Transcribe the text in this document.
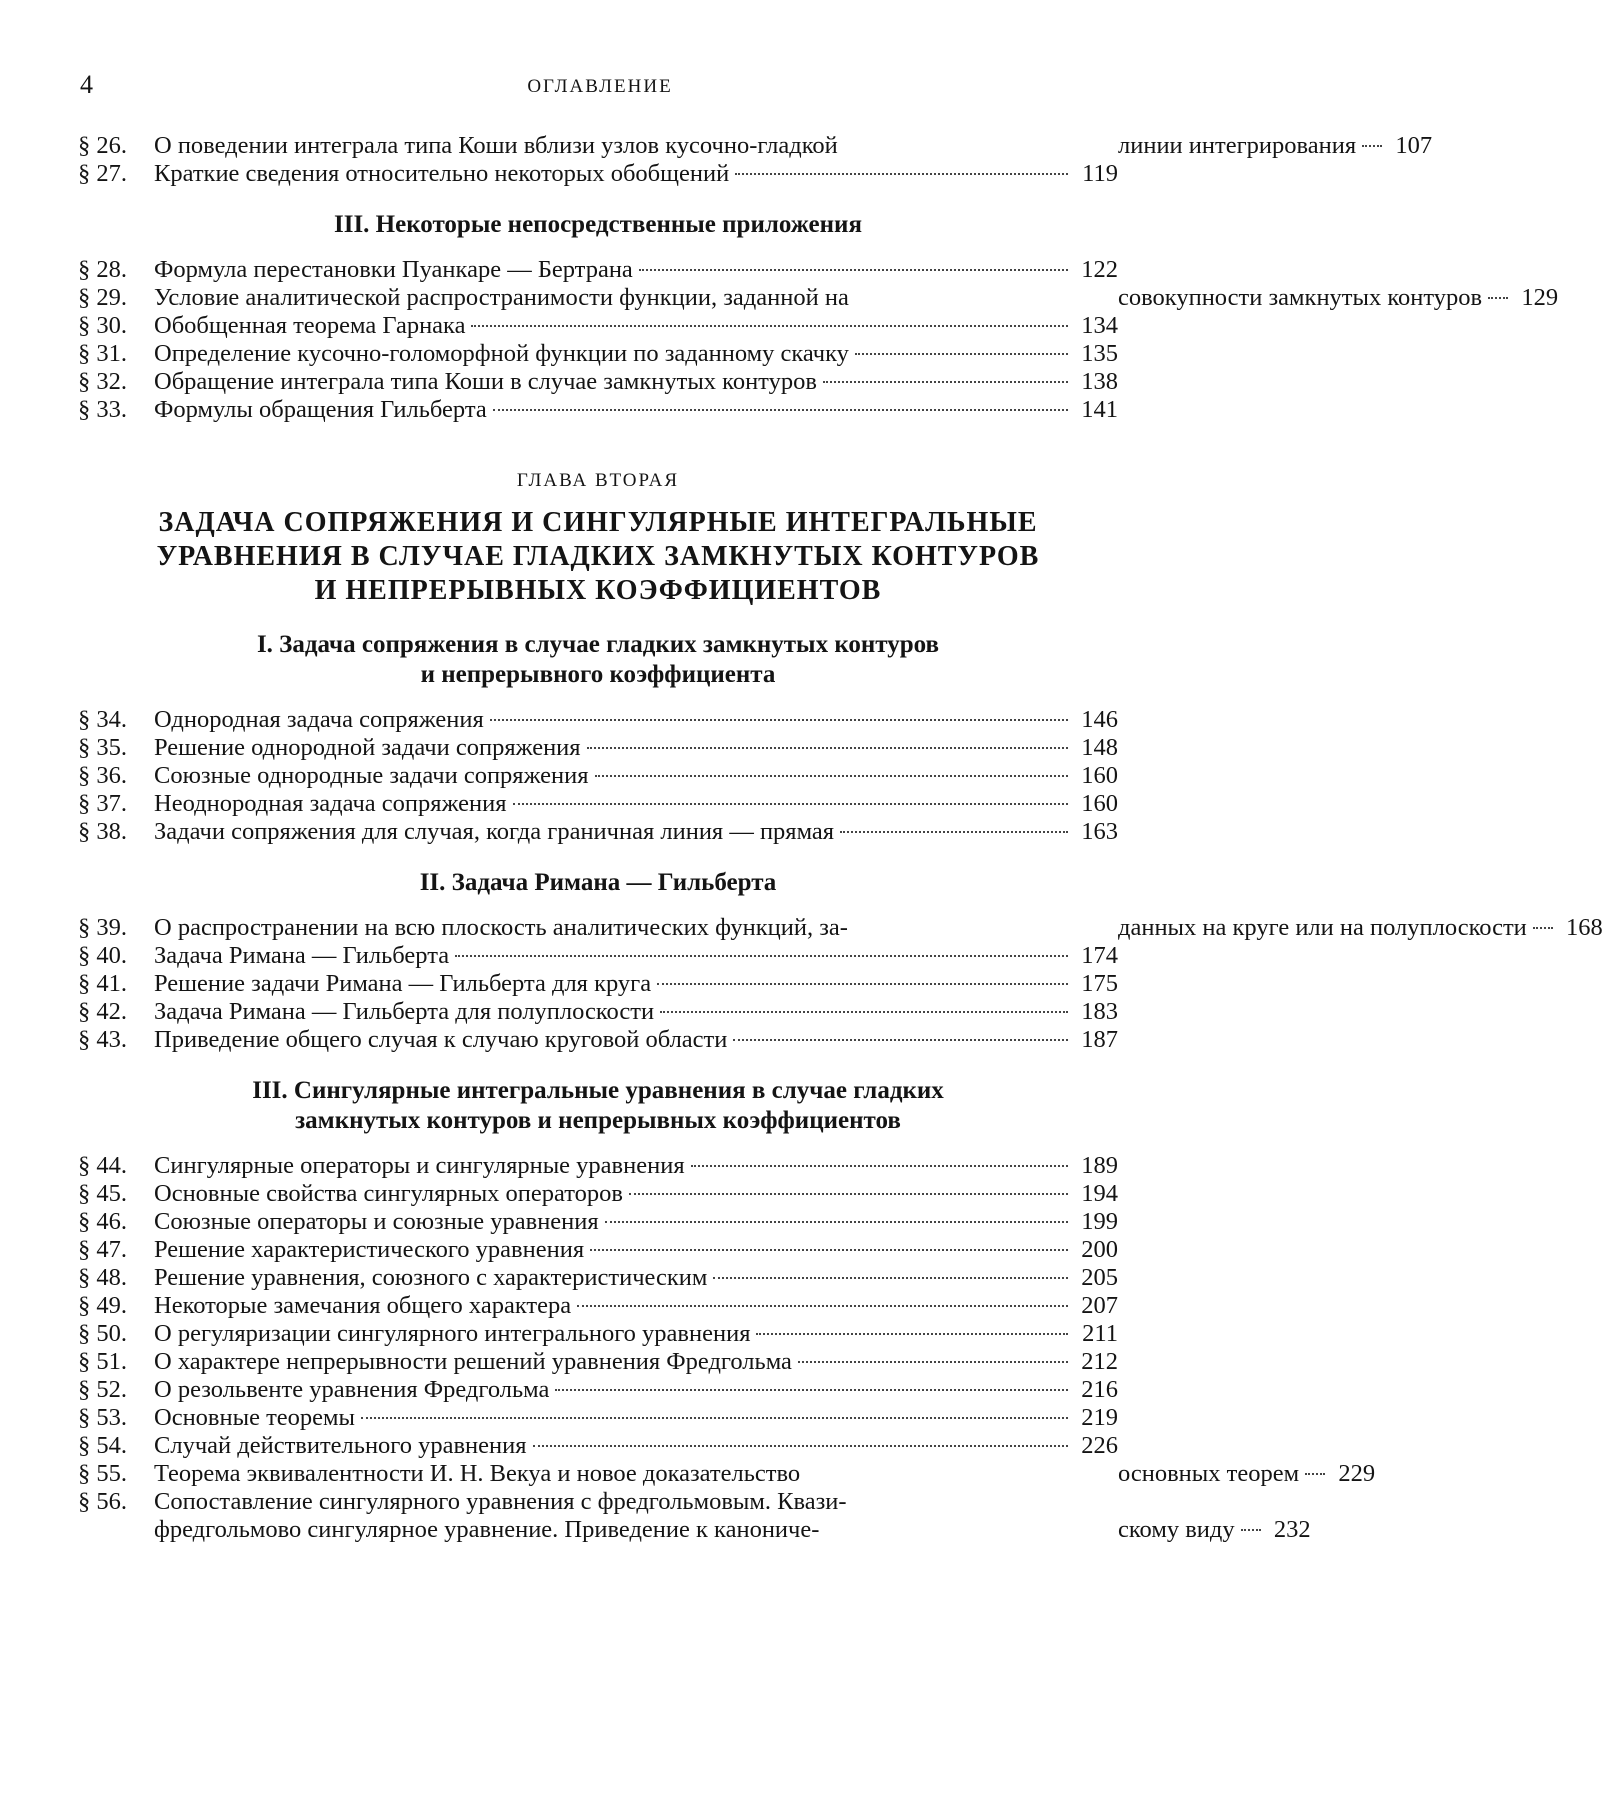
4	ОГЛАВЛЕНИЕ
§ 26.	О поведении интеграла типа Коши вблизи узлов кусочно-гладкой	линии интегрирования 107
§ 27.	Краткие сведения относительно некоторых обобщений	119
III. Некоторые непосредственные приложения
§ 28.	Формула перестановки Пуанкаре — Бертрана	122
§ 29.	Условие аналитической распространимости функции, заданной на	совокупности замкнутых контуров 129
§ 30.	Обобщенная теорема Гарнака	134
§ 31.	Определение кусочно-голоморфной функции по заданному скачку	135
§ 32.	Обращение интеграла типа Коши в случае замкнутых контуров	138
§ 33.	Формулы обращения Гильберта	141
ГЛАВА ВТОРАЯ
ЗАДАЧА СОПРЯЖЕНИЯ И СИНГУЛЯРНЫЕ ИНТЕГРАЛЬНЫЕ
УРАВНЕНИЯ В СЛУЧАЕ ГЛАДКИХ ЗАМКНУТЫХ КОНТУРОВ
И НЕПРЕРЫВНЫХ КОЭФФИЦИЕНТОВ
I. Задача сопряжения в случае гладких замкнутых контуров
и непрерывного коэффициента
§ 34.	Однородная задача сопряжения	146
§ 35.	Решение однородной задачи сопряжения	148
§ 36.	Союзные однородные задачи сопряжения	160
§ 37.	Неоднородная задача сопряжения	160
§ 38.	Задачи сопряжения для случая, когда граничная линия — прямая	163
II. Задача Римана — Гильберта
§ 39.	О распространении на всю плоскость аналитических функций, за-	данных на круге или на полуплоскости 168
§ 40.	Задача Римана — Гильберта	174
§ 41.	Решение задачи Римана — Гильберта для круга	175
§ 42.	Задача Римана — Гильберта для полуплоскости	183
§ 43.	Приведение общего случая к случаю круговой области	187
III. Сингулярные интегральные уравнения в случае гладких
замкнутых контуров и непрерывных коэффициентов
§ 44.	Сингулярные операторы и сингулярные уравнения	189
§ 45.	Основные свойства сингулярных операторов	194
§ 46.	Союзные операторы и союзные уравнения	199
§ 47.	Решение характеристического уравнения	200
§ 48.	Решение уравнения, союзного с характеристическим	205
§ 49.	Некоторые замечания общего характера	207
§ 50.	О регуляризации сингулярного интегрального уравнения	211
§ 51.	О характере непрерывности решений уравнения Фредгольма	212
§ 52.	О резольвенте уравнения Фредгольма	216
§ 53.	Основные теоремы	219
§ 54.	Случай действительного уравнения	226
§ 55.	Теорема эквивалентности И. Н. Векуа и новое доказательство	основных теорем 229
§ 56.	Сопоставление сингулярного уравнения с фредгольмовым. Квази-
фредгольмово сингулярное уравнение. Приведение к канониче-	скому виду 232
